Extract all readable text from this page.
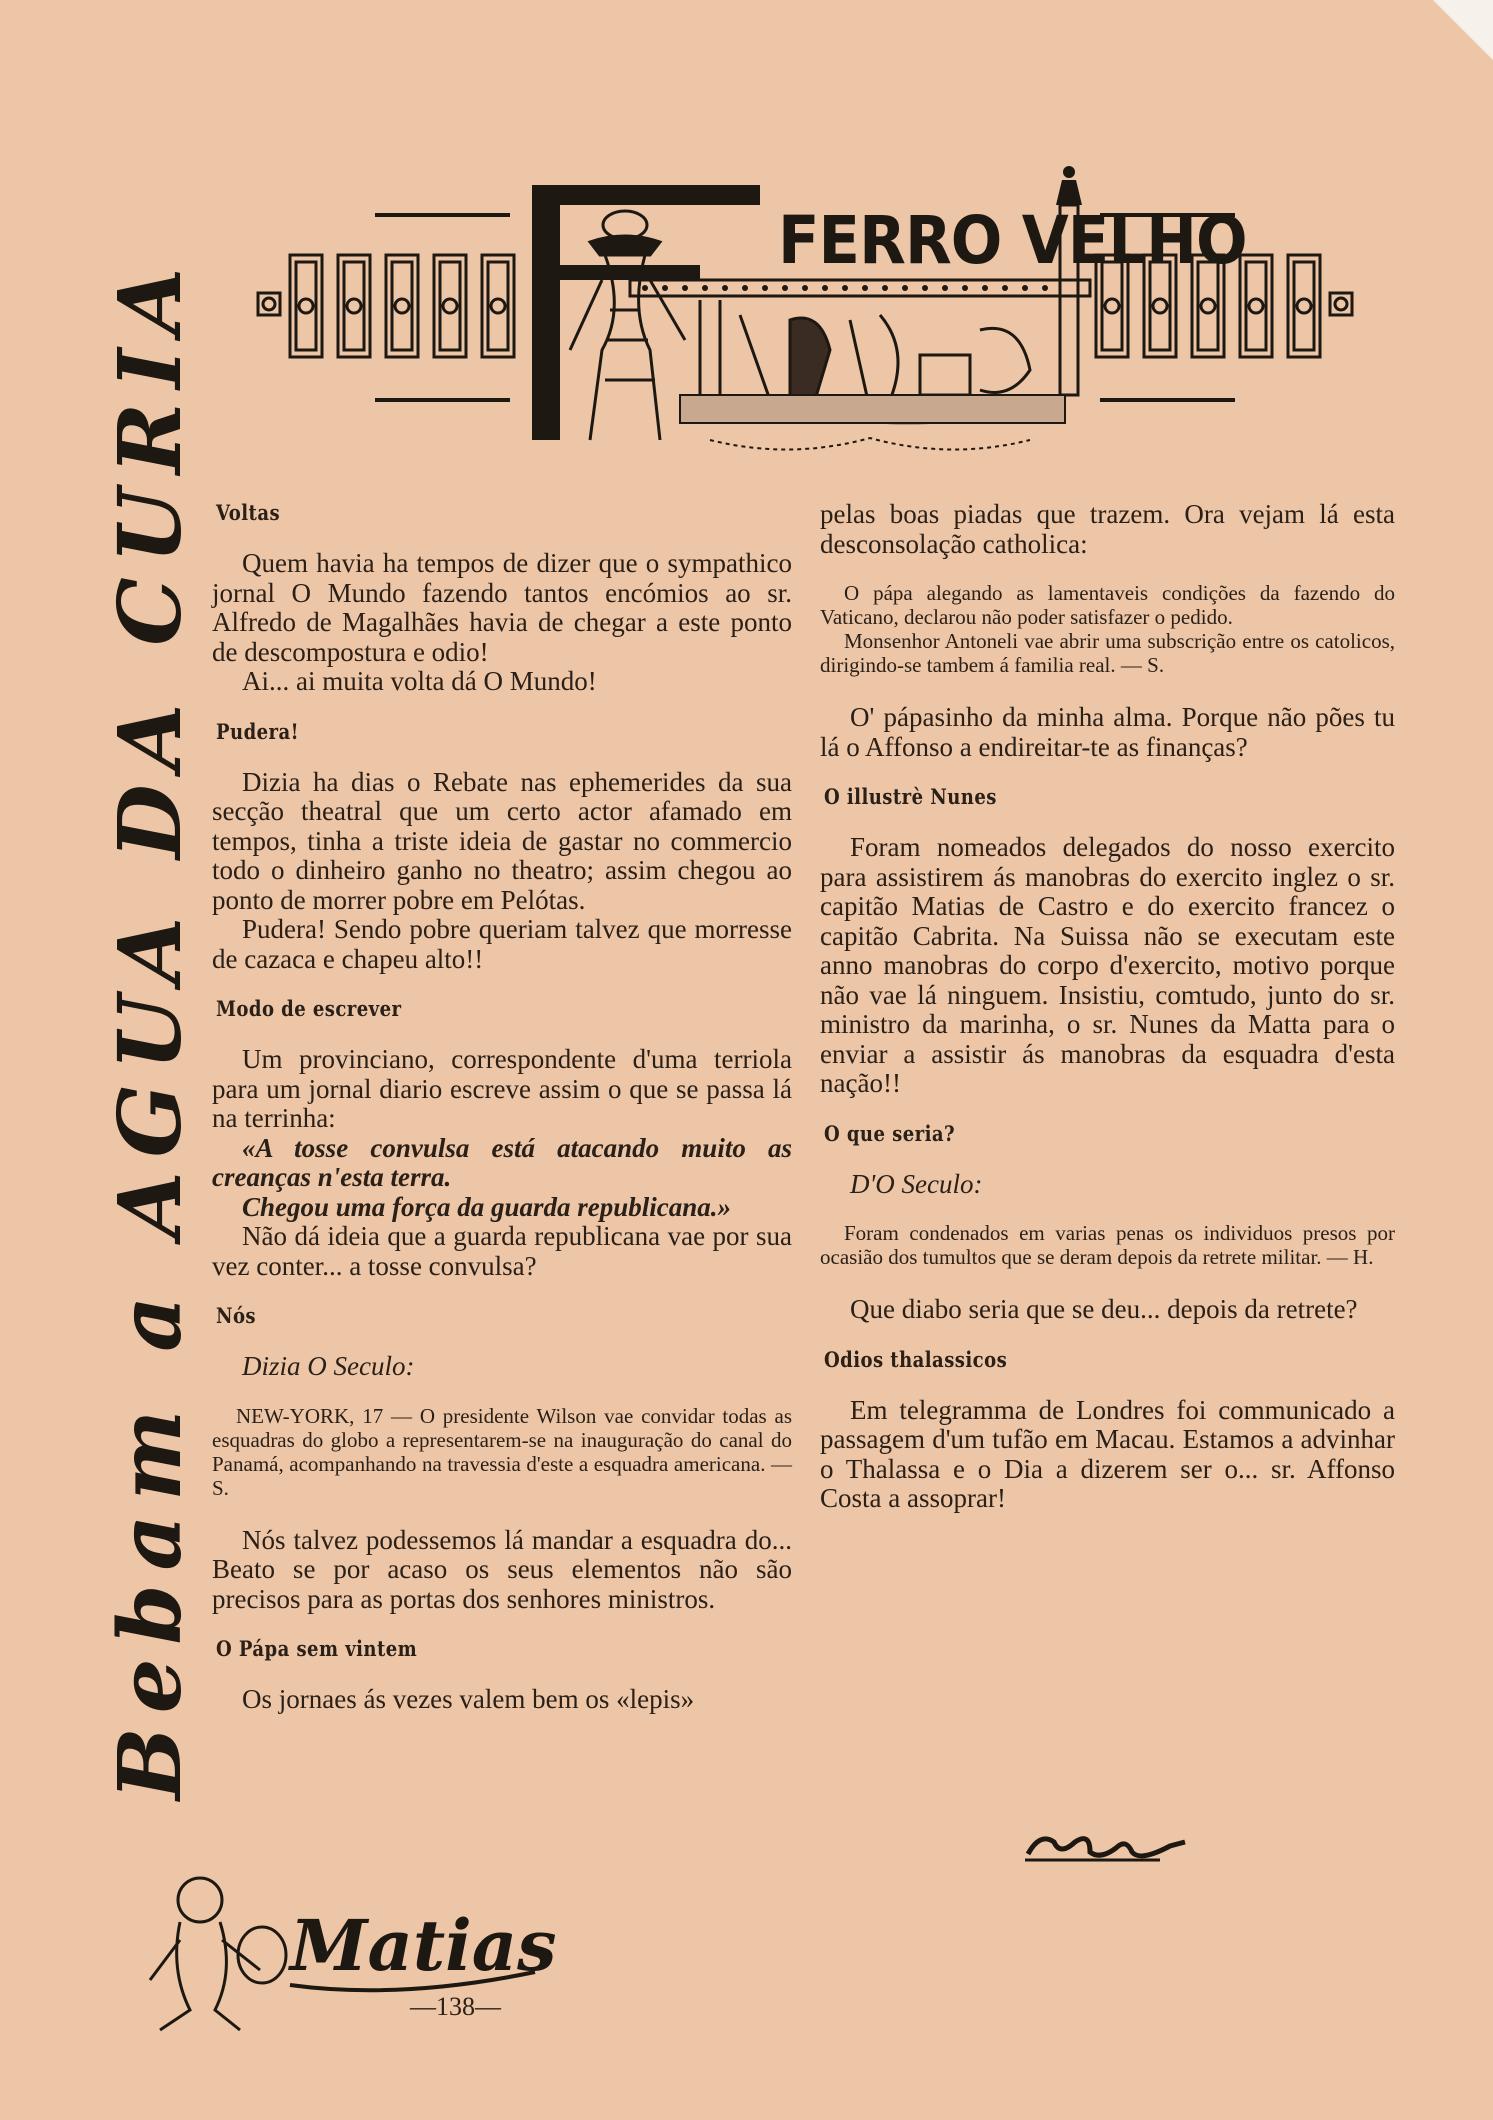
Bebam a AGUA DA CURIA
FERRO VELHO
Voltas

Quem havia ha tempos de dizer que o sympathico jornal O Mundo fazendo tantos encómios ao sr. Alfredo de Magalhães havia de chegar a este ponto de descompostura e odio!

Ai... ai muita volta dá O Mundo!

Pudera!

Dizia ha dias o Rebate nas ephemerides da sua secção theatral que um certo actor afamado em tempos, tinha a triste ideia de gastar no commercio todo o dinheiro ganho no theatro; assim chegou ao ponto de morrer pobre em Pelótas.

Pudera! Sendo pobre queriam talvez que morresse de cazaca e chapeu alto!!

Modo de escrever

Um provinciano, correspondente d'uma terriola para um jornal diario escreve assim o que se passa lá na terrinha:

«A tosse convulsa está atacando muito as creanças n'esta terra.

Chegou uma força da guarda republicana.»

Não dá ideia que a guarda republicana vae por sua vez conter... a tosse convulsa?

Nós

Dizia O Seculo:

NEW-YORK, 17 — O presidente Wilson vae convidar todas as esquadras do globo a representarem-se na inauguração do canal do Panamá, acompanhando na travessia d'este a esquadra americana. — S.

Nós talvez podessemos lá mandar a esquadra do... Beato se por acaso os seus elementos não são precisos para as portas dos senhores ministros.

O Pápa sem vintem

Os jornaes ás vezes valem bem os «lepis»

pelas boas piadas que trazem. Ora vejam lá esta desconsolação catholica:

O pápa alegando as lamentaveis condições da fazendo do Vaticano, declarou não poder satisfazer o pedido.

Monsenhor Antoneli vae abrir uma subscrição entre os catolicos, dirigindo-se tambem á familia real. — S.

O' pápasinho da minha alma. Porque não pões tu lá o Affonso a endireitar-te as finanças?

O illustrè Nunes

Foram nomeados delegados do nosso exercito para assistirem ás manobras do exercito inglez o sr. capitão Matias de Castro e do exercito francez o capitão Cabrita. Na Suissa não se executam este anno manobras do corpo d'exercito, motivo porque não vae lá ninguem. Insistiu, comtudo, junto do sr. ministro da marinha, o sr. Nunes da Matta para o enviar a assistir ás manobras da esquadra d'esta nação!!

O que seria?

D'O Seculo:

Foram condenados em varias penas os individuos presos por ocasião dos tumultos que se deram depois da retrete militar. — H.

Que diabo seria que se deu... depois da retrete?

Odios thalassicos

Em telegramma de Londres foi communicado a passagem d'um tufão em Macau. Estamos a advinhar o Thalassa e o Dia a dizerem ser o... sr. Affonso Costa a assoprar!

Matias
—138—
